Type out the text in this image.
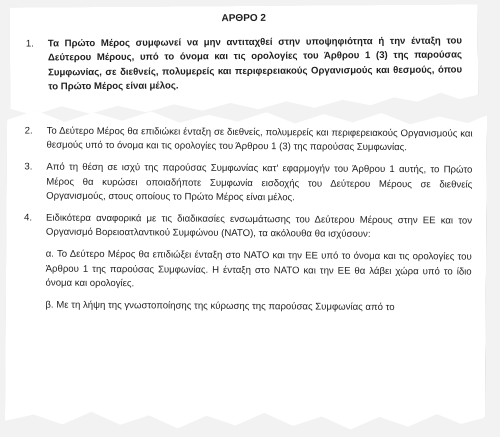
ΑΡΘΡΟ 2
1.	Τα Πρώτο Μέρος συμφωνεί να μην αντιταχθεί στην υποψηφιότητα ή την ένταξη του Δεύτερου Μέρους, υπό το όνομα και τις ορολογίες του Άρθρου 1 (3) της παρούσας Συμφωνίας, σε διεθνείς, πολυμερείς και περιφερειακούς Οργανισμούς και θεσμούς, όπου το Πρώτο Μέρος είναι μέλος.
2.	Το Δεύτερο Μέρος θα επιδιώκει ένταξη σε διεθνείς, πολυμερείς και περιφερειακούς Οργανισμούς και θεσμούς υπό το όνομα και τις ορολογίες του Άρθρου 1 (3) της παρούσας Συμφωνίας.
3.	Από τη θέση σε ισχύ της παρούσας Συμφωνίας κατ' εφαρμογήν του Άρθρου 1 αυτής, το Πρώτο Μέρος θα κυρώσει οποιαδήποτε Συμφωνία εισδοχής του Δεύτερου Μέρους σε διεθνείς Οργανισμούς, στους οποίους το Πρώτο Μέρος είναι μέλος.
4.	Ειδικότερα αναφορικά με τις διαδικασίες ενσωμάτωσης του Δεύτερου Μέρους στην ΕΕ και τον Οργανισμό Βορειοατλαντικού Συμφώνου (ΝΑΤΟ), τα ακόλουθα θα ισχύσουν:
α. Το Δεύτερο Μέρος θα επιδιώξει ένταξη στο ΝΑΤΟ και την ΕΕ υπό το όνομα και τις ορολογίες του Άρθρου 1 της παρούσας Συμφωνίας. Η ένταξη στο ΝΑΤΟ και την ΕΕ θα λάβει χώρα υπό το ίδιο όνομα και ορολογίες.
β. Με τη λήψη της γνωστοποίησης της κύρωσης της παρούσας Συμφωνίας από το
